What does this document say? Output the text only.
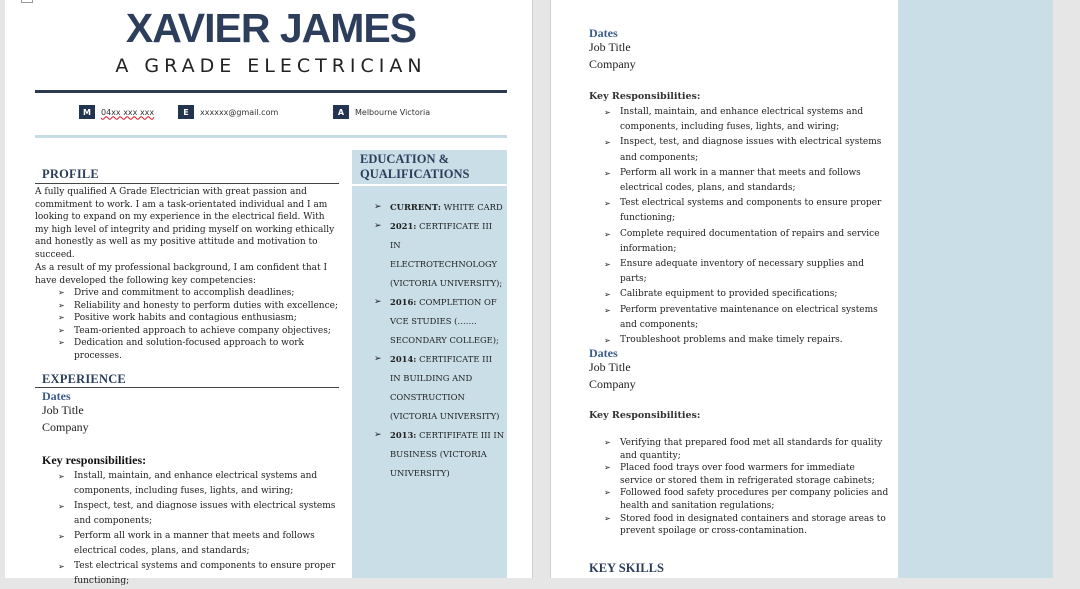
XAVIER JAMES
A GRADE ELECTRICIAN
M	04xx xxx xxx	E	xxxxxx@gmail.com	A	Melbourne Victoria
PROFILE
A fully qualified A Grade Electrician with great passion and commitment to work. I am a task-orientated individual and I am looking to expand on my experience in the electrical field. With my high level of integrity and priding myself on working ethically and honestly as well as my positive attitude and motivation to succeed.
As a result of my professional background, I am confident that I have developed the following key competencies:
➢ Drive and commitment to accomplish deadlines;
➢ Reliability and honesty to perform duties with excellence;
➢ Positive work habits and contagious enthusiasm;
➢ Team-oriented approach to achieve company objectives;
➢ Dedication and solution-focused approach to work processes.
EXPERIENCE
Dates
Job Title
Company
Key responsibilities:
➢ Install, maintain, and enhance electrical systems and components, including fuses, lights, and wiring;
➢ Inspect, test, and diagnose issues with electrical systems and components;
➢ Perform all work in a manner that meets and follows electrical codes, plans, and standards;
➢ Test electrical systems and components to ensure proper functioning;
EDUCATION &
QUALIFICATIONS
➢ CURRENT: WHITE CARD
➢ 2021: CERTIFICATE III IN ELECTROTECHNOLOGY (VICTORIA UNIVERSITY);
➢ 2016: COMPLETION OF VCE STUDIES (……. SECONDARY COLLEGE);
➢ 2014: CERTIFICATE III IN BUILDING AND CONSTRUCTION (VICTORIA UNIVERSITY)
➢ 2013: CERTIFIFATE III IN BUSINESS (VICTORIA UNIVERSITY)
Dates
Job Title
Company
Key Responsibilities:
➢ Install, maintain, and enhance electrical systems and components, including fuses, lights, and wiring;
➢ Inspect, test, and diagnose issues with electrical systems and components;
➢ Perform all work in a manner that meets and follows electrical codes, plans, and standards;
➢ Test electrical systems and components to ensure proper functioning;
➢ Complete required documentation of repairs and service information;
➢ Ensure adequate inventory of necessary supplies and parts;
➢ Calibrate equipment to provided specifications;
➢ Perform preventative maintenance on electrical systems and components;
➢ Troubleshoot problems and make timely repairs.
Dates
Job Title
Company
Key Responsibilities:
➢ Verifying that prepared food met all standards for quality and quantity;
➢ Placed food trays over food warmers for immediate service or stored them in refrigerated storage cabinets;
➢ Followed food safety procedures per company policies and health and sanitation regulations;
➢ Stored food in designated containers and storage areas to prevent spoilage or cross-contamination.
KEY SKILLS
